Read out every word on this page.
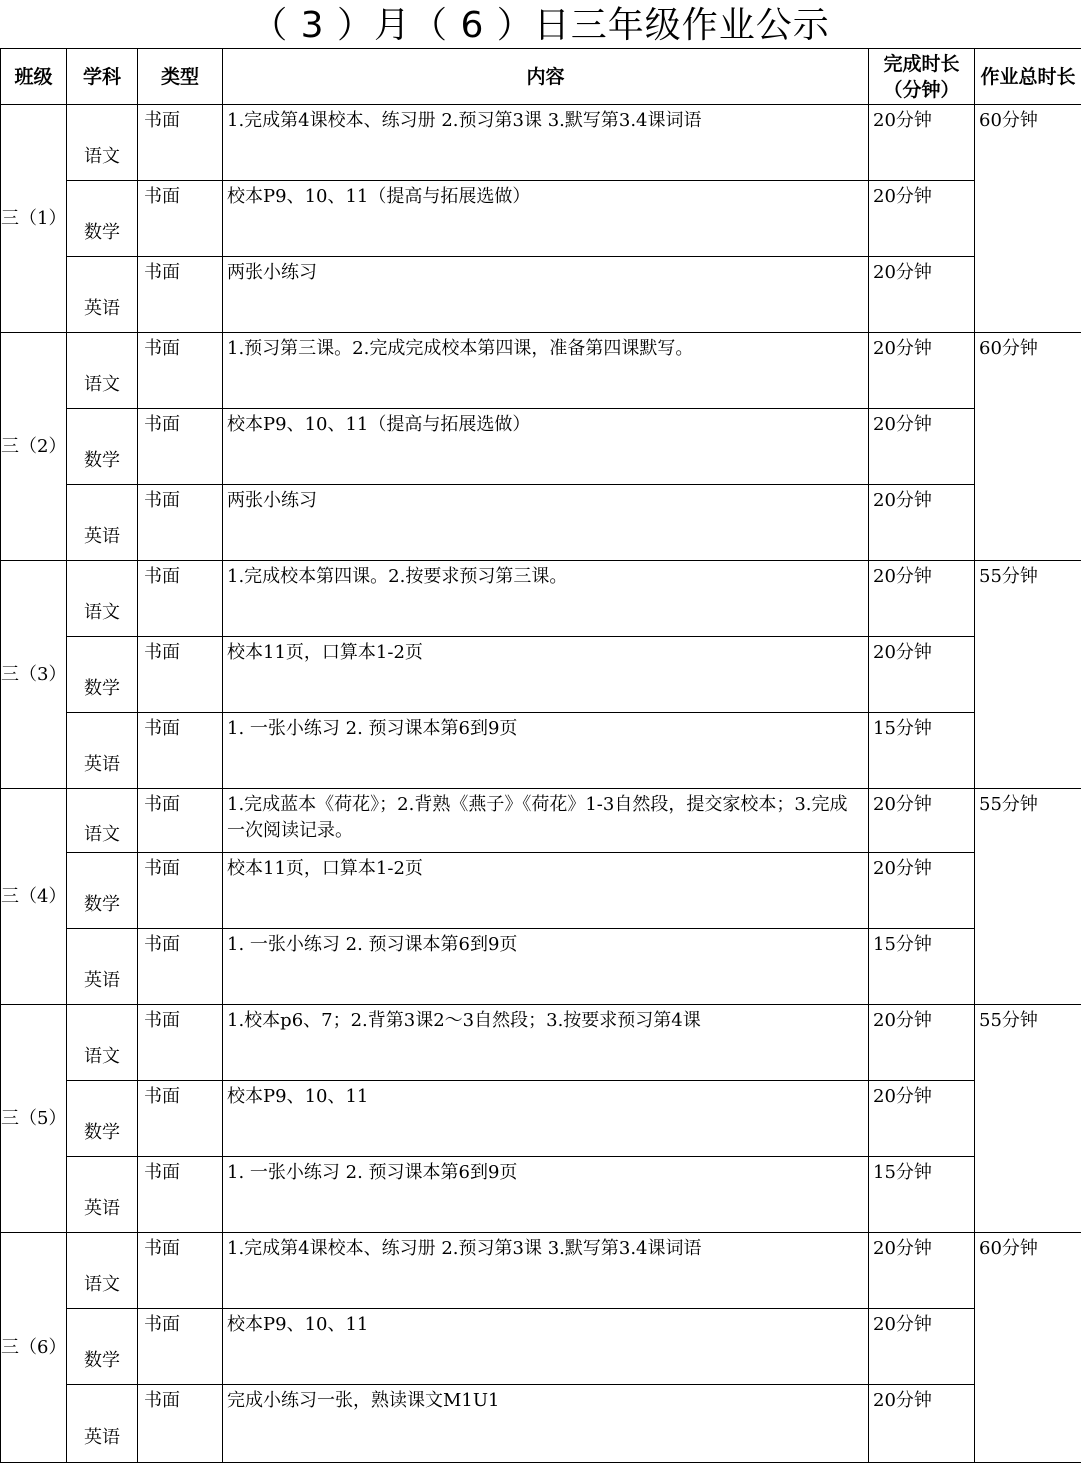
（ 3 ）月（ 6 ）日三年级作业公示
班级	学科	类型	内容	完成时长（分钟）	作业总时长
三（1）	语文	书面	1.完成第4课校本、练习册 2.预习第3课 3.默写第3.4课词语	20分钟	60分钟
	数学	书面	校本P9、10、11（提高与拓展选做）	20分钟	
	英语	书面	两张小练习	20分钟	
三（2）	语文	书面	1.预习第三课。2.完成完成校本第四课，准备第四课默写。	20分钟	60分钟
	数学	书面	校本P9、10、11（提高与拓展选做）	20分钟	
	英语	书面	两张小练习	20分钟	
三（3）	语文	书面	1.完成校本第四课。2.按要求预习第三课。	20分钟	55分钟
	数学	书面	校本11页，口算本1-2页	20分钟	
	英语	书面	1. 一张小练习 2. 预习课本第6到9页	15分钟	
三（4）	语文	书面	1.完成蓝本《荷花》；2.背熟《燕子》《荷花》1-3自然段，提交家校本；3.完成一次阅读记录。	20分钟	55分钟
	数学	书面	校本11页，口算本1-2页	20分钟	
	英语	书面	1. 一张小练习 2. 预习课本第6到9页	15分钟	
三（5）	语文	书面	1.校本p6、7；2.背第3课2～3自然段；3.按要求预习第4课	20分钟	55分钟
	数学	书面	校本P9、10、11	20分钟	
	英语	书面	1. 一张小练习 2. 预习课本第6到9页	15分钟	
三（6）	语文	书面	1.完成第4课校本、练习册 2.预习第3课 3.默写第3.4课词语	20分钟	60分钟
	数学	书面	校本P9、10、11	20分钟	
	英语	书面	完成小练习一张，熟读课文M1U1	20分钟	
